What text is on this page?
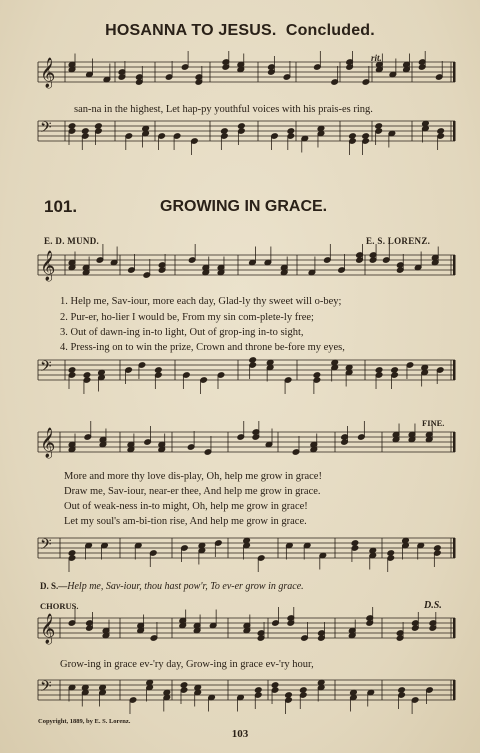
HOSANNA TO JESUS. Concluded.
𝄞
𝄢
𝄞
𝄢
𝄞
𝄢
𝄞
𝄢
rit.
san-na in the highest, Let hap-py youthful voices with his prais-es ring.
101.	GROWING IN GRACE.
E. D. MUND.	E. S. LORENZ.
1. Help me, Sav-iour, more each day, Glad-ly thy sweet will o-bey;
2. Pur-er, ho-lier I would be, From my sin com-plete-ly free;
3. Out of dawn-ing in-to light, Out of grop-ing in-to sight,
4. Press-ing on to win the prize, Crown and throne be-fore my eyes,
FINE.
More and more thy love dis-play, Oh, help me grow in grace!
Draw me, Sav-iour, near-er thee, And help me grow in grace.
Out of weak-ness in-to might, Oh, help me grow in grace!
Let my soul's am-bi-tion rise, And help me grow in grace.
D. S.—Help me, Sav-iour, thou hast pow'r, To ev-er grow in grace.
CHORUS.	D.S.
Grow-ing in grace ev-'ry day, Grow-ing in grace ev-'ry hour,
Copyright, 1889, by E. S. Lorenz.
103
